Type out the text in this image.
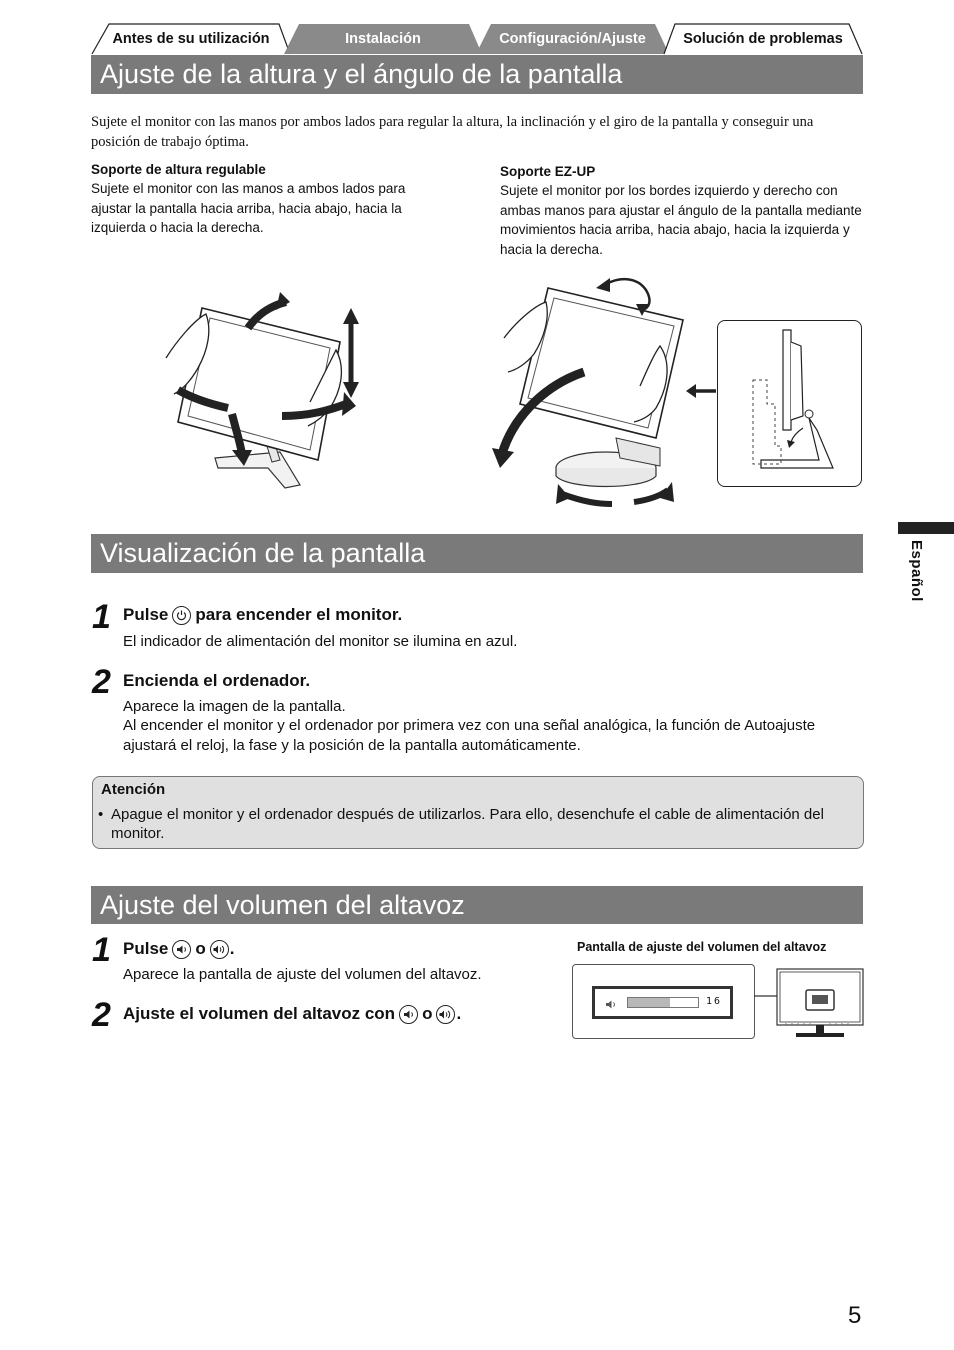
Antes de su utilización	Instalación	Configuración/Ajuste	Solución de problemas
Ajuste de la altura y el ángulo de la pantalla
Sujete el monitor con las manos por ambos lados para regular la altura, la inclinación y el giro de la pantalla y conseguir una posición de trabajo óptima.
Soporte de altura regulable
Sujete el monitor con las manos a ambos lados para ajustar la pantalla hacia arriba, hacia abajo, hacia la izquierda o hacia la derecha.
Soporte EZ-UP
Sujete el monitor por los bordes izquierdo y derecho con ambas manos para ajustar el ángulo de la pantalla mediante movimientos hacia arriba, hacia abajo, hacia la izquierda y hacia la derecha.
Visualización de la pantalla
1 Pulse para encender el monitor.
El indicador de alimentación del monitor se ilumina en azul.
2 Encienda el ordenador.
Aparece la imagen de la pantalla.
Al encender el monitor y el ordenador por primera vez con una señal analógica, la función de Autoajuste ajustará el reloj, la fase y la posición de la pantalla automáticamente.
Atención
• Apague el monitor y el ordenador después de utilizarlos. Para ello, desenchufe el cable de alimentación del monitor.
Ajuste del volumen del altavoz
1 Pulse o .
Aparece la pantalla de ajuste del volumen del altavoz.
2 Ajuste el volumen del altavoz con o .
Pantalla de ajuste del volumen del altavoz
16
Español
5
